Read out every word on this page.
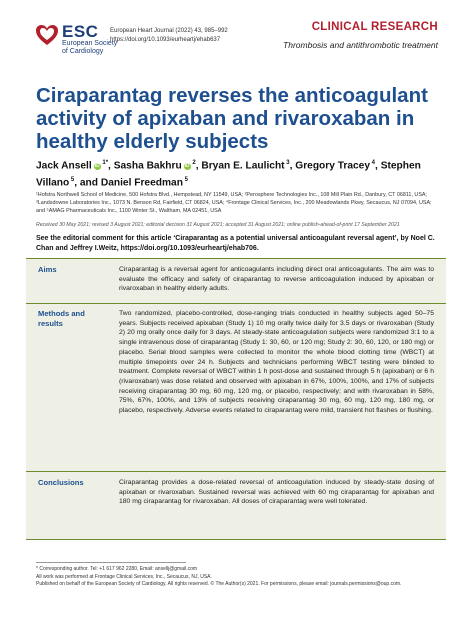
ESC
European Society of Cardiology
European Heart Journal (2022) 43, 985–992
https://doi.org/10.1093/eurheartj/ehab637
CLINICAL RESEARCH
Thrombosis and antithrombotic treatment
Ciraparantag reverses the anticoagulant activity of apixaban and rivaroxaban in healthy elderly subjects
Jack Ansell iD $^{1*}$, Sasha Bakhru iD $^2$, Bryan E. Laulicht $^3$, Gregory Tracey $^4$, Stephen Villano $^5$, and Daniel Freedman $^5$
¹Hofstra Northwell School of Medicine, 500 Hofstra Blvd., Hempstead, NY 11549, USA; ²Perosphere Technologies Inc., 108 Mill Plain Rd., Danbury, CT 06811, USA; ³Landsdowne Laboratories Inc., 1073 N. Benson Rd, Fairfield, CT 06824, USA; ⁴Frontage Clinical Services, Inc., 200 Meadowlands Pkwy, Secaucus, NJ 07094, USA; and ⁵AMAG Pharmaceuticals Inc., 1100 Winter St., Waltham, MA 02451, USA
Received 30 May 2021; revised 3 August 2021; editorial decision 31 August 2021; accepted 31 August 2021; online publish-ahead-of-print 17 September 2021
See the editorial comment for this article ‘Ciraparantag as a potential universal anticoagulant reversal agent’, by Noel C. Chan and Jeffrey I.Weitz, https://doi.org/10.1093/eurheartj/ehab706.
Aims	Ciraparantag is a reversal agent for anticoagulants including direct oral anticoagulants. The aim was to evaluate the efficacy and safety of ciraparantag to reverse anticoagulation induced by apixaban or rivaroxaban in healthy elderly adults.
Methods and results
Two randomized, placebo-controlled, dose-ranging trials conducted in healthy subjects aged 50–75 years. Subjects received apixaban (Study 1) 10 mg orally twice daily for 3.5 days or rivaroxaban (Study 2) 20 mg orally once daily for 3 days. At steady-state anticoagulation subjects were randomized 3:1 to a single intravenous dose of ciraparantag (Study 1: 30, 60, or 120 mg; Study 2: 30, 60, 120, or 180 mg) or placebo. Serial blood samples were collected to monitor the whole blood clotting time (WBCT) at multiple timepoints over 24 h. Subjects and technicians performing WBCT testing were blinded to treatment. Complete reversal of WBCT within 1 h post-dose and sustained through 5 h (apixaban) or 6 h (rivaroxaban) was dose related and observed with apixaban in 67%, 100%, 100%, and 17% of subjects receiving ciraparantag 30 mg, 60 mg, 120 mg, or placebo, respectively; and with rivaroxaban in 58%, 75%, 67%, 100%, and 13% of subjects receiving ciraparantag 30 mg, 60 mg, 120 mg, 180 mg, or placebo, respectively. Adverse events related to ciraparantag were mild, transient hot flashes or flushing.
Conclusions	Ciraparantag provides a dose-related reversal of anticoagulation induced by steady-state dosing of apixaban or rivaroxaban. Sustained reversal was achieved with 60 mg ciraparantag for apixaban and 180 mg ciraparantag for rivaroxaban. All doses of ciraparantag were well tolerated.
* Corresponding author. Tel: +1 617 962 2280, Email: ansellj@gmail.com
All work was performed at Frontage Clinical Services, Inc., Secaucus, NJ, USA.
Published on behalf of the European Society of Cardiology. All rights reserved. © The Author(s) 2021. For permissions, please email: journals.permissions@oup.com.
